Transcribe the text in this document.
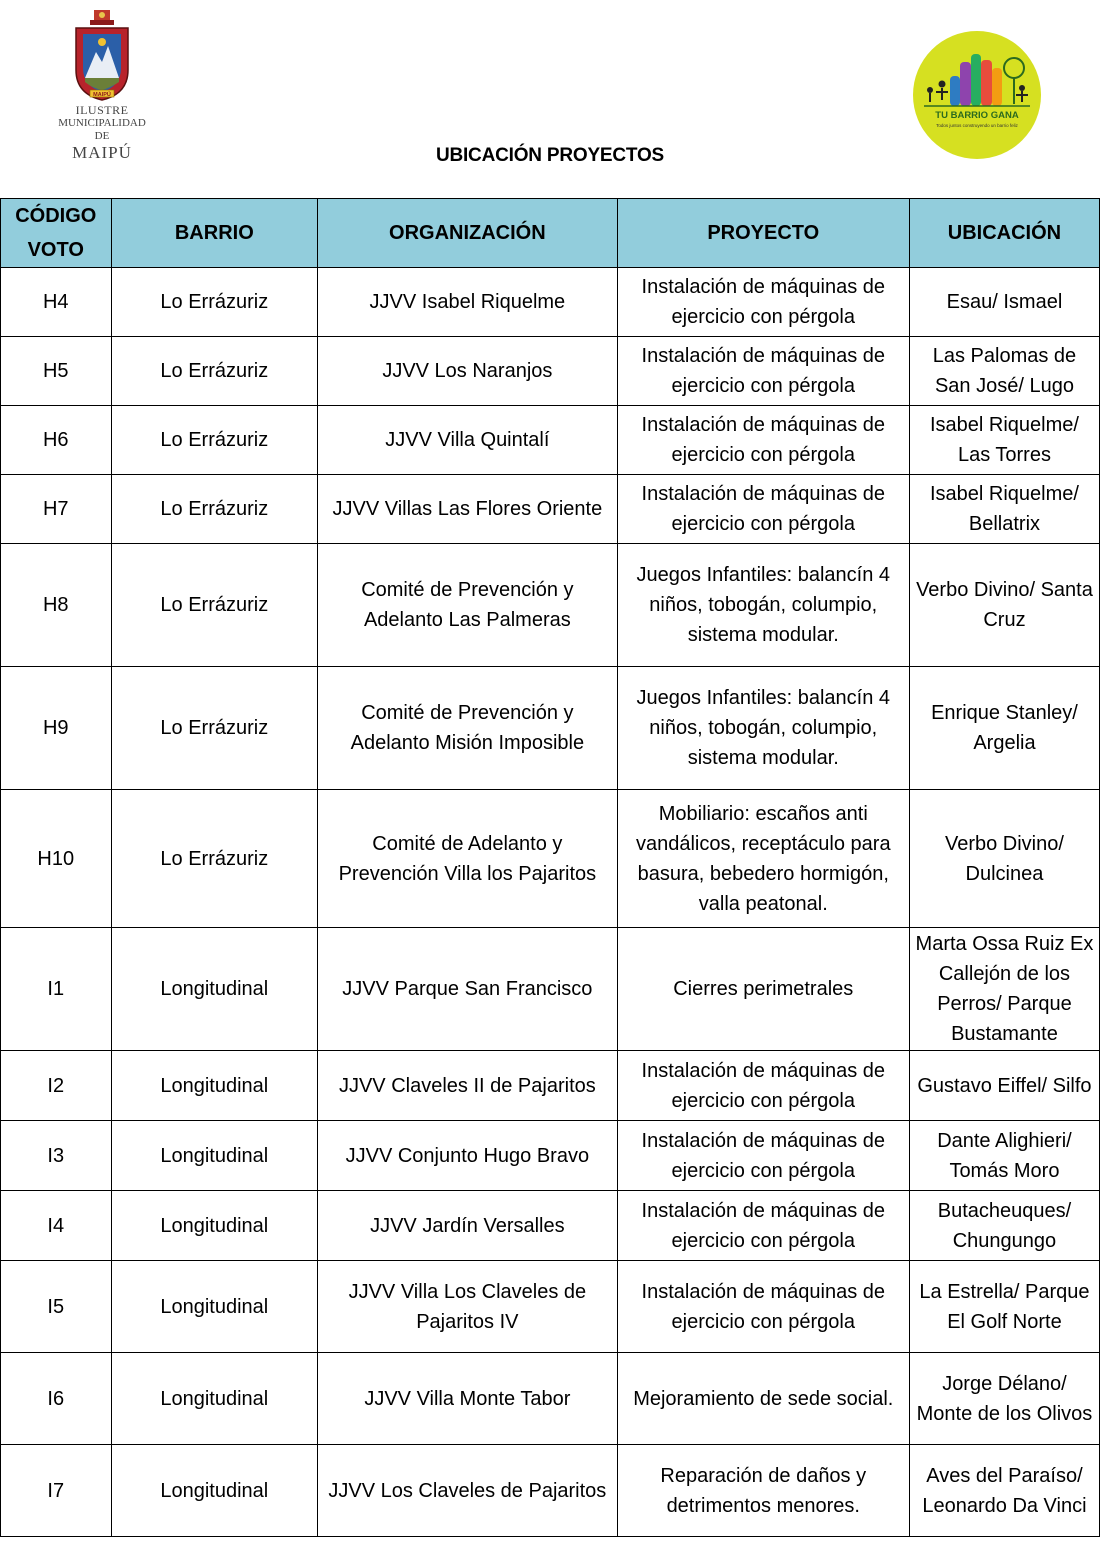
MAIPÚ
ILUSTRE
MUNICIPALIDAD DE
MAIPÚ
TU BARRIO GANA
Todos juntos construyendo un barrio feliz
UBICACIÓN PROYECTOS
CÓDIGO VOTO	BARRIO	ORGANIZACIÓN	PROYECTO	UBICACIÓN
H4	Lo Errázuriz	JJVV Isabel Riquelme	Instalación de máquinas de ejercicio con pérgola	Esau/ Ismael
H5	Lo Errázuriz	JJVV Los Naranjos	Instalación de máquinas de ejercicio con pérgola	Las Palomas de San José/ Lugo
H6	Lo Errázuriz	JJVV Villa Quintalí	Instalación de máquinas de ejercicio con pérgola	Isabel Riquelme/ Las Torres
H7	Lo Errázuriz	JJVV Villas Las Flores Oriente	Instalación de máquinas de ejercicio con pérgola	Isabel Riquelme/ Bellatrix
H8	Lo Errázuriz	Comité de Prevención y Adelanto Las Palmeras	Juegos Infantiles: balancín 4 niños, tobogán, columpio, sistema modular.	Verbo Divino/ Santa Cruz
H9	Lo Errázuriz	Comité de Prevención y Adelanto Misión Imposible	Juegos Infantiles: balancín 4 niños, tobogán, columpio, sistema modular.	Enrique Stanley/ Argelia
H10	Lo Errázuriz	Comité de Adelanto y Prevención Villa los Pajaritos	Mobiliario: escaños anti vandálicos, receptáculo para basura, bebedero hormigón, valla peatonal.	Verbo Divino/ Dulcinea
I1	Longitudinal	JJVV Parque San Francisco	Cierres perimetrales	Marta Ossa Ruiz Ex Callejón de los Perros/ Parque Bustamante
I2	Longitudinal	JJVV Claveles II de Pajaritos	Instalación de máquinas de ejercicio con pérgola	Gustavo Eiffel/ Silfo
I3	Longitudinal	JJVV Conjunto Hugo Bravo	Instalación de máquinas de ejercicio con pérgola	Dante Alighieri/ Tomás Moro
I4	Longitudinal	JJVV Jardín Versalles	Instalación de máquinas de ejercicio con pérgola	Butacheuques/ Chungungo
I5	Longitudinal	JJVV Villa Los Claveles de Pajaritos IV	Instalación de máquinas de ejercicio con pérgola	La Estrella/ Parque El Golf Norte
I6	Longitudinal	JJVV Villa Monte Tabor	Mejoramiento de sede social.	Jorge Délano/ Monte de los Olivos
I7	Longitudinal	JJVV Los Claveles de Pajaritos	Reparación de daños y detrimentos menores.	Aves del Paraíso/ Leonardo Da Vinci
